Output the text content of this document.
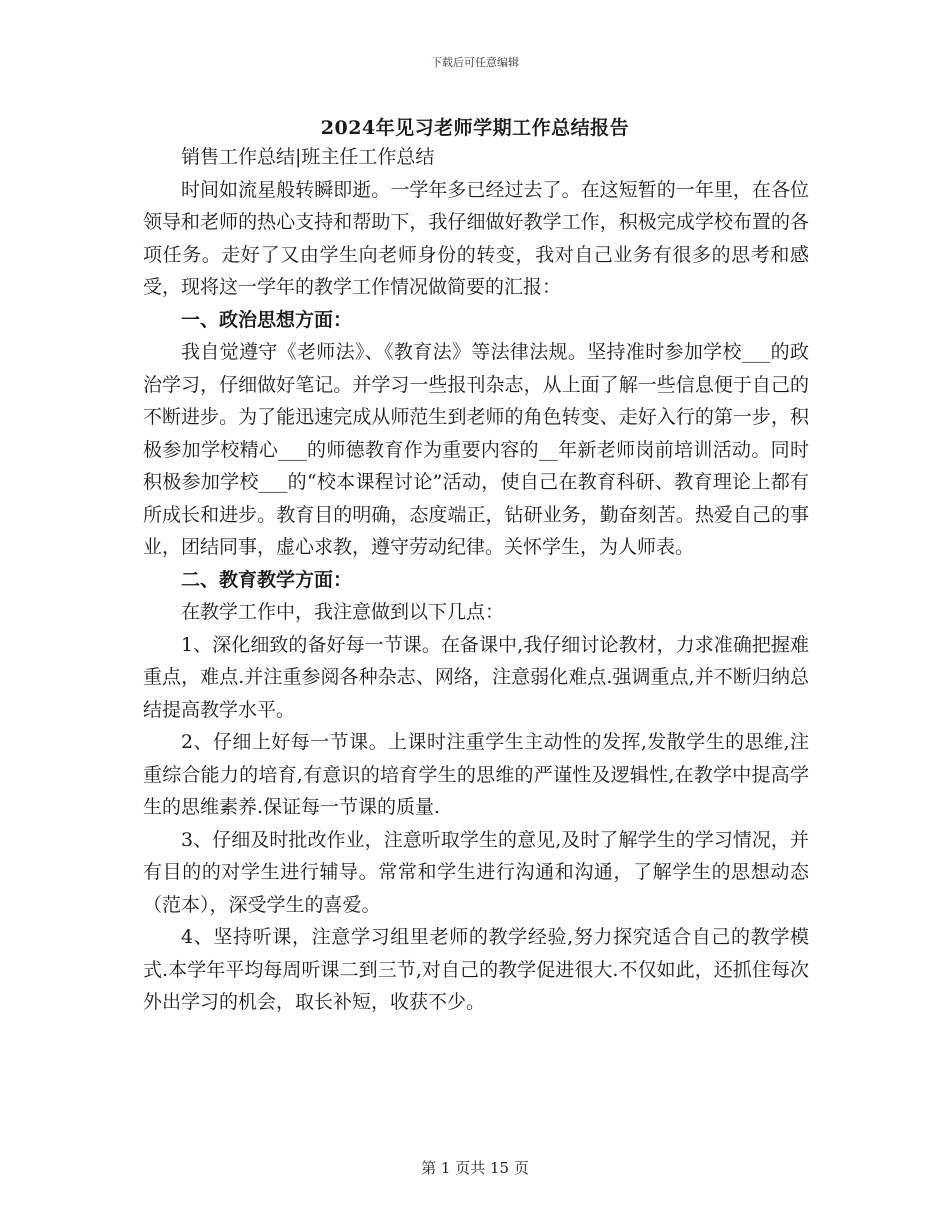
下载后可任意编辑
2024年见习老师学期工作总结报告

销售工作总结|班主任工作总结

时间如流星般转瞬即逝。一学年多已经过去了。在这短暂的一年里，在各位领导和老师的热心支持和帮助下，我仔细做好教学工作，积极完成学校布置的各项任务。走好了又由学生向老师身份的转变，我对自己业务有很多的思考和感受，现将这一学年的教学工作情况做简要的汇报：

一、政治思想方面：

我自觉遵守《老师法》、《教育法》等法律法规。坚持准时参加学校___的政治学习，仔细做好笔记。并学习一些报刊杂志，从上面了解一些信息便于自己的不断进步。为了能迅速完成从师范生到老师的角色转变、走好入行的第一步，积极参加学校精心___的师德教育作为重要内容的__年新老师岗前培训活动。同时积极参加学校___的“校本课程讨论”活动，使自己在教育科研、教育理论上都有所成长和进步。教育目的明确，态度端正，钻研业务，勤奋刻苦。热爱自己的事业，团结同事，虚心求教，遵守劳动纪律。关怀学生，为人师表。

二、教育教学方面：

在教学工作中，我注意做到以下几点：

1、深化细致的备好每一节课。在备课中,我仔细讨论教材，力求准确把握难重点，难点.并注重参阅各种杂志、网络，注意弱化难点.强调重点,并不断归纳总结提高教学水平。

2、仔细上好每一节课。上课时注重学生主动性的发挥,发散学生的思维,注重综合能力的培育,有意识的培育学生的思维的严谨性及逻辑性,在教学中提高学生的思维素养.保证每一节课的质量.

3、仔细及时批改作业，注意听取学生的意见,及时了解学生的学习情况，并有目的的对学生进行辅导。常常和学生进行沟通和沟通，了解学生的思想动态（范本），深受学生的喜爱。

4、坚持听课，注意学习组里老师的教学经验,努力探究适合自己的教学模式.本学年平均每周听课二到三节,对自己的教学促进很大.不仅如此，还抓住每次外出学习的机会，取长补短，收获不少。

第 1 页共 15 页
